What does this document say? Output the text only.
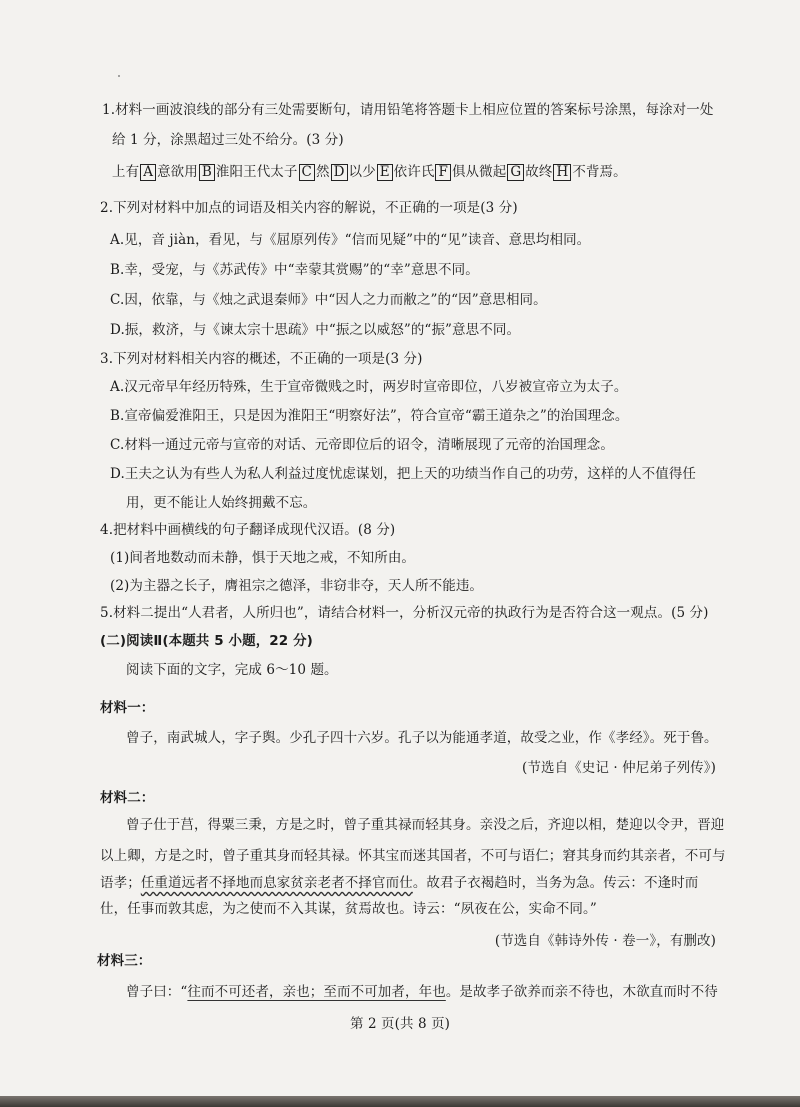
1.材料一画波浪线的部分有三处需要断句，请用铅笔将答题卡上相应位置的答案标号涂黑，每涂对一处
给 1 分，涂黑超过三处不给分。(3 分)
上有 A 意欲用 B 淮阳王代太子 C 然 D 以少 E 依许氏 F 俱从微起 G 故终 H 不背焉。
2.下列对材料中加点的词语及相关内容的解说，不正确的一项是(3 分)
A.见，音 jiàn，看见，与《屈原列传》“信而见疑”中的“见”读音、意思均相同。
B.幸，受宠，与《苏武传》中“幸蒙其赏赐”的“幸”意思不同。
C.因，依靠，与《烛之武退秦师》中“因人之力而敝之”的“因”意思相同。
D.振，救济，与《谏太宗十思疏》中“振之以威怒”的“振”意思不同。
3.下列对材料相关内容的概述，不正确的一项是(3 分)
A.汉元帝早年经历特殊，生于宣帝微贱之时，两岁时宣帝即位，八岁被宣帝立为太子。
B.宣帝偏爱淮阳王，只是因为淮阳王“明察好法”，符合宣帝“霸王道杂之”的治国理念。
C.材料一通过元帝与宣帝的对话、元帝即位后的诏令，清晰展现了元帝的治国理念。
D.王夫之认为有些人为私人利益过度忧虑谋划，把上天的功绩当作自己的功劳，这样的人不值得任
用，更不能让人始终拥戴不忘。
4.把材料中画横线的句子翻译成现代汉语。(8 分)
(1)间者地数动而未静，惧于天地之戒，不知所由。
(2)为主器之长子，膺祖宗之德泽，非窃非夺，天人所不能违。
5.材料二提出“人君者，人所归也”，请结合材料一，分析汉元帝的执政行为是否符合这一观点。(5 分)
(二)阅读Ⅱ(本题共 5 小题，22 分)
阅读下面的文字，完成 6～10 题。
材料一：
曾子，南武城人，字子舆。少孔子四十六岁。孔子以为能通孝道，故受之业，作《孝经》。死于鲁。
(节选自《史记 · 仲尼弟子列传》)
材料二：
曾子仕于莒，得粟三秉，方是之时，曾子重其禄而轻其身。亲没之后，齐迎以相，楚迎以令尹，晋迎
以上卿，方是之时，曾子重其身而轻其禄。怀其宝而迷其国者，不可与语仁；窘其身而约其亲者，不可与
语孝；任重道远者不择地而息家贫亲老者不择官而仕。故君子衣褐趋时，当务为急。传云：不逢时而
仕，任事而敦其虑，为之使而不入其谋，贫焉故也。诗云：“夙夜在公，实命不同。”
(节选自《韩诗外传 · 卷一》，有删改)
材料三：
曾子曰：“往而不可还者，亲也；至而不可加者，年也。是故孝子欲养而亲不待也，木欲直而时不待
第 2 页(共 8 页)
